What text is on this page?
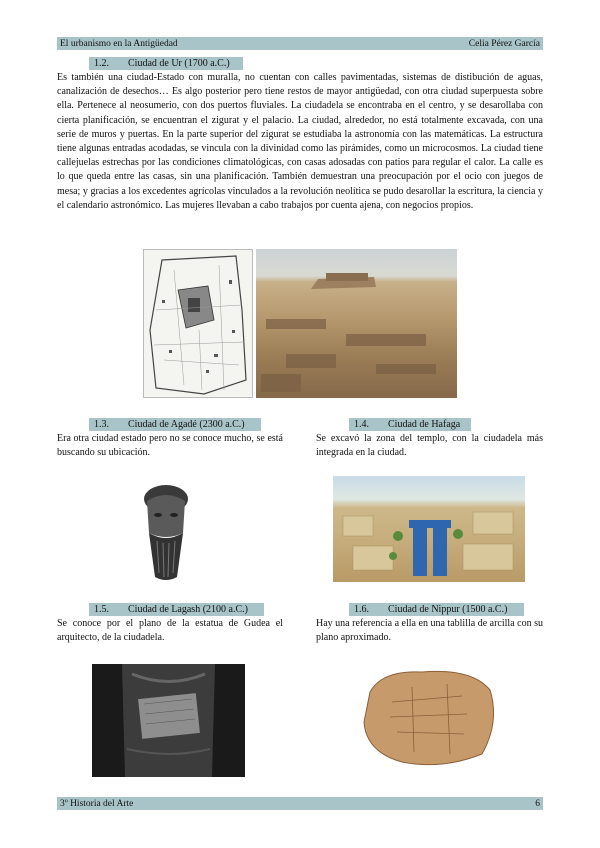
El urbanismo en la Antigüedad	Celia Pérez García
1.2. Ciudad de Ur (1700 a.C.)
Es también una ciudad-Estado con muralla, no cuentan con calles pavimentadas, sistemas de distibución de aguas, canalización de desechos… Es algo posterior pero tiene restos de mayor antigüedad, con otra ciudad superpuesta sobre ella. Pertenece al neosumerio, con dos puertos fluviales. La ciudadela se encontraba en el centro, y se desarollaba con cierta planificación, se encuentran el zigurat y el palacio. La ciudad, alrededor, no está totalmente excavada, con una serie de muros y puertas. En la parte superior del zigurat se estudiaba la astronomía con las matemáticas. La estructura tiene algunas entradas acodadas, se vincula con la divinidad como las pirámides, como un microcosmos. La ciudad tiene callejuelas estrechas por las condiciones climatológicas, con casas adosadas con patios para regular el calor. La calle es lo que queda entre las casas, sin una planificación. También demuestran una preocupación por el ocio con juegos de mesa; y gracias a los excedentes agrícolas vinculados a la revolución neolítica se pudo desarollar la escritura, la ciencia y el calendario astronómico. Las mujeres llevaban a cabo trabajos por cuenta ajena, con negocios propios.
1.3. Ciudad de Agadé (2300 a.C.)
Era otra ciudad estado pero no se conoce mucho, se está buscando su ubicación.
1.4. Ciudad de Hafaga
Se excavó la zona del templo, con la ciudadela más integrada en la ciudad.
1.5. Ciudad de Lagash (2100 a.C.)
Se conoce por el plano de la estatua de Gudea el arquitecto, de la ciudadela.
1.6. Ciudad de Nippur (1500 a.C.)
Hay una referencia a ella en una tablilla de arcilla con su plano aproximado.
3º Historia del Arte	6
